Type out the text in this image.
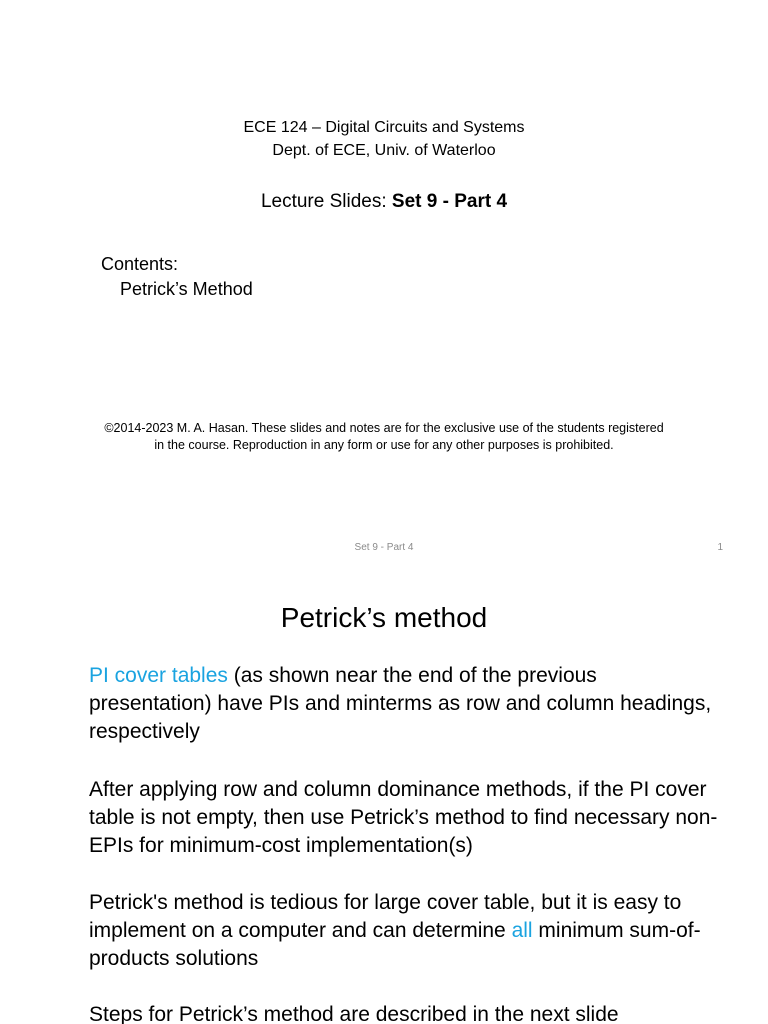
ECE 124 – Digital Circuits and Systems
Dept. of ECE, Univ. of Waterloo
Lecture Slides: Set 9 - Part 4
Contents:
Petrick’s Method
©2014-2023 M. A. Hasan. These slides and notes are for the exclusive use of the students registered
in the course. Reproduction in any form or use for any other purposes is prohibited.
Set 9 - Part 4	1
Petrick’s method
PI cover tables (as shown near the end of the previous presentation) have PIs and minterms as row and column headings, respectively
After applying row and column dominance methods, if the PI cover table is not empty, then use Petrick’s method to find necessary non-EPIs for minimum-cost implementation(s)
Petrick's method is tedious for large cover table, but it is easy to implement on a computer and can determine all minimum sum-of-products solutions
Steps for Petrick’s method are described in the next slide
